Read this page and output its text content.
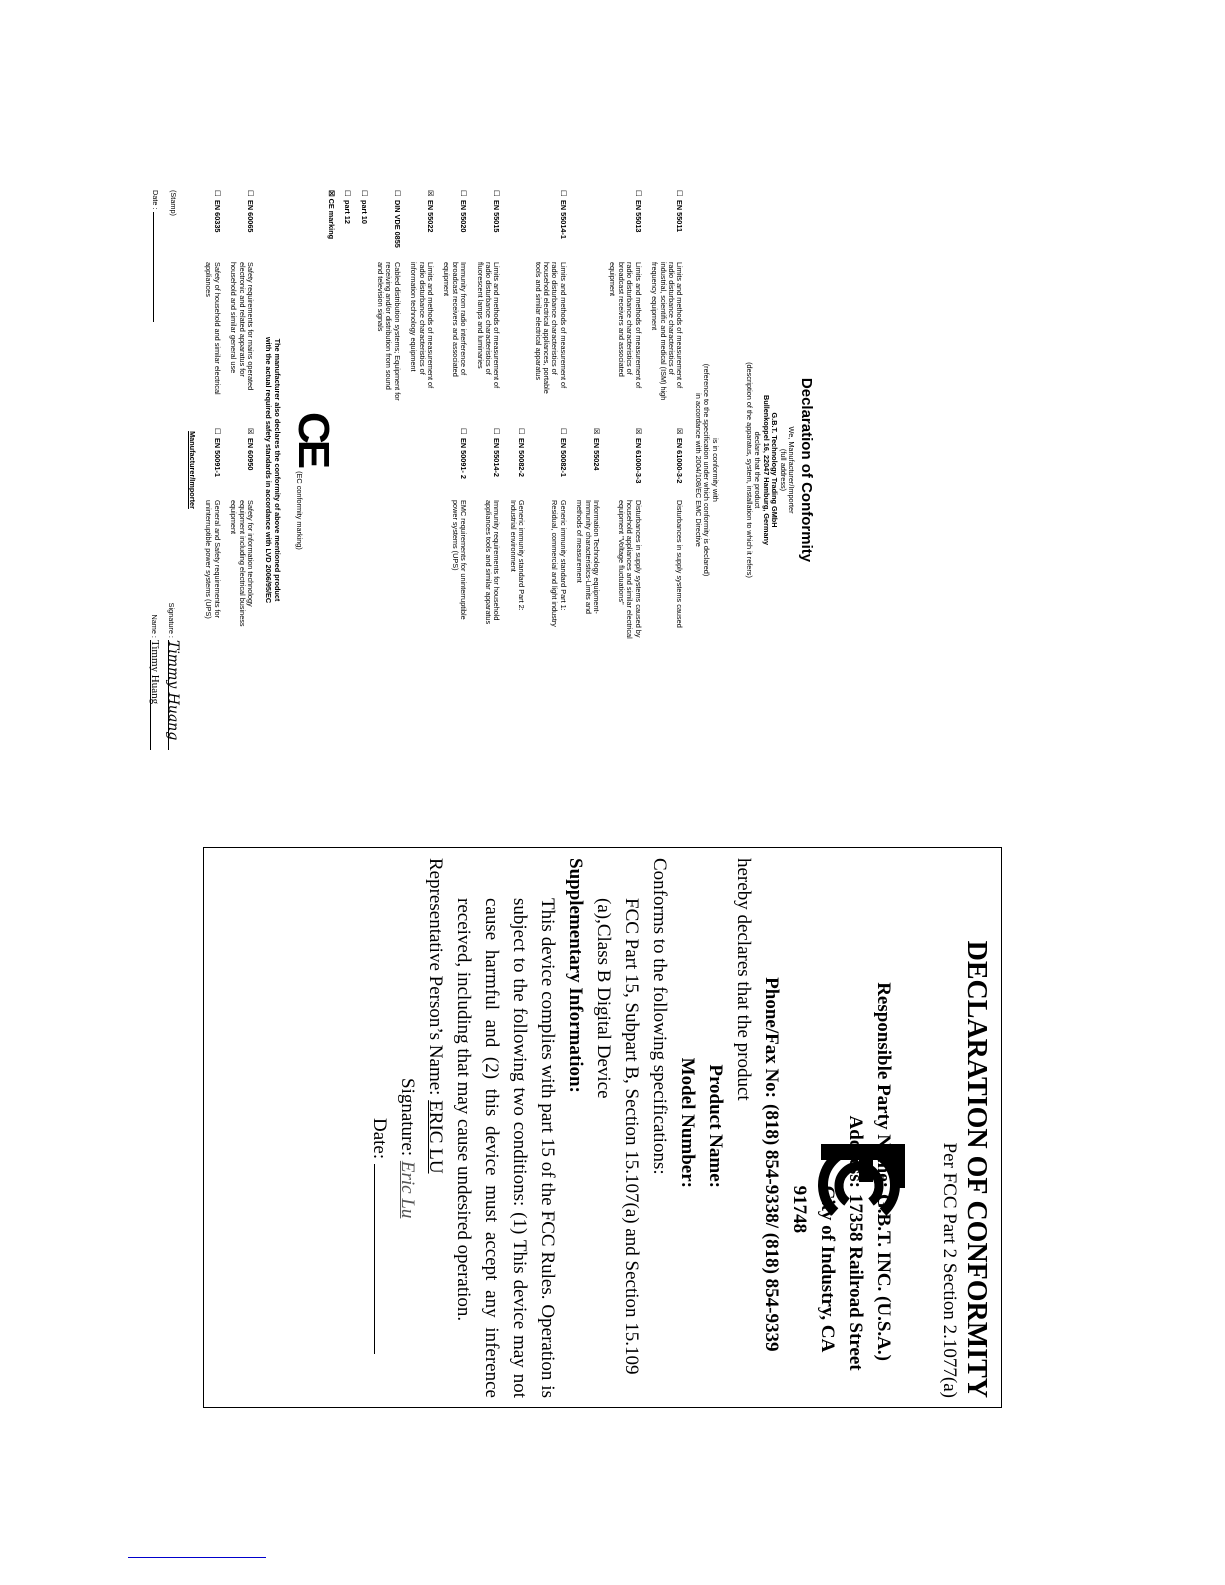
Declaration of Conformity
We, Manufacturer/Importer
(full address)
G.B.T. Technology Trading GMbH
Bullenkoppel 16, 22047 Hamburg, Germany
declare that the product
(description of the apparatus, system, installation to which it refers)
is in conformity with
(reference to the specification under which conformity is declared)
in accordance with 2004/108/EC EMC Directive
☐EN 55011
Limits and methods of measurement of radio disturbance characteristics of industrial, scientific and medical (ISM) high frequency equipment
☒EN 61000-3-2
Disturbances in supply systems caused
☐EN 55013
Limits and methods of measurement of radio disturbance characteristics of broadcast receivers and associated equipment
☒EN 61000-3-3
Disturbances in supply systems caused by household appliances and similar electrical equipment "Voltage fluctuations"
☒EN 55024
Information Technology equipment-Immunity characteristics-Limits and methods of measurement
☐EN 55014-1
Limits and methods of measurement of radio disturbance characteristics of household electrical appliances, portable tools and similar electrical apparatus
☐EN 50082-1
Generic immunity standard Part 1: Residual, commercial and light industry
☐EN 50082-2
Generic immunity standard Part 2: Industrial environment
☐EN 55015
Limits and methods of measurement of radio disturbance characteristics of fluorescent lamps and luminaries
☐EN 55014-2
Immunity requirements for household appliances tools and similar apparatus
☐EN 55020
Immunity from radio interference of broadcast receivers and associated equipment
☐EN 50091- 2
EMC requirements for uninterruptible power systems (UPS)
☒EN 55022
Limits and methods of measurement of radio disturbance characteristics of information technology equipment
☐DIN VDE 0855
Cabled distribution systems; Equipment for receiving and/or distribution from sound and television signals
☐part 10
☐part 12
☒ CE marking
CE
(EC conformity marking)
The manufacturer also declares the conformity of above mentioned product
with the actual required safety standards in accordance with LVD 2006/95/EC
☐EN 60065
Safety requirements for mains operated electronic and related apparatus for household and similar general use
☒EN 60950
Safety for information technology equipment including electrical business equipment
☐EN 60335
Safety of household and similar electrical appliances
☐EN 50091-1
General and Safety requirements for uninterruptible power systems (UPS)
Manufacturer/Importer
(Stamp)
Signature : Timmy Huang
Date :
Name : Timmy Huang
DECLARATION OF CONFORMITY
Per FCC Part 2 Section 2.1077(a)
Responsible Party Name:
G.B.T. INC. (U.S.A.)
17358 Railroad Street
City of Industry, CA 91748
Phone/Fax No:
(818) 854-9338/ (818) 854-9339
hereby declares that the product
Product Name:
Model Number:
Conforms to the following specifications:
FCC Part 15, Subpart B, Section 15.107(a) and Section 15.109
(a),Class B Digital Device
Supplementary Information:
This device complies with part 15 of the FCC Rules. Operation is subject to the following two conditions: (1) This device may not cause harmful and (2) this device must accept any inference received, including that may cause undesired operation.
Representative Person’s Name: ERIC LU
Signature: Eric Lu
Date:
